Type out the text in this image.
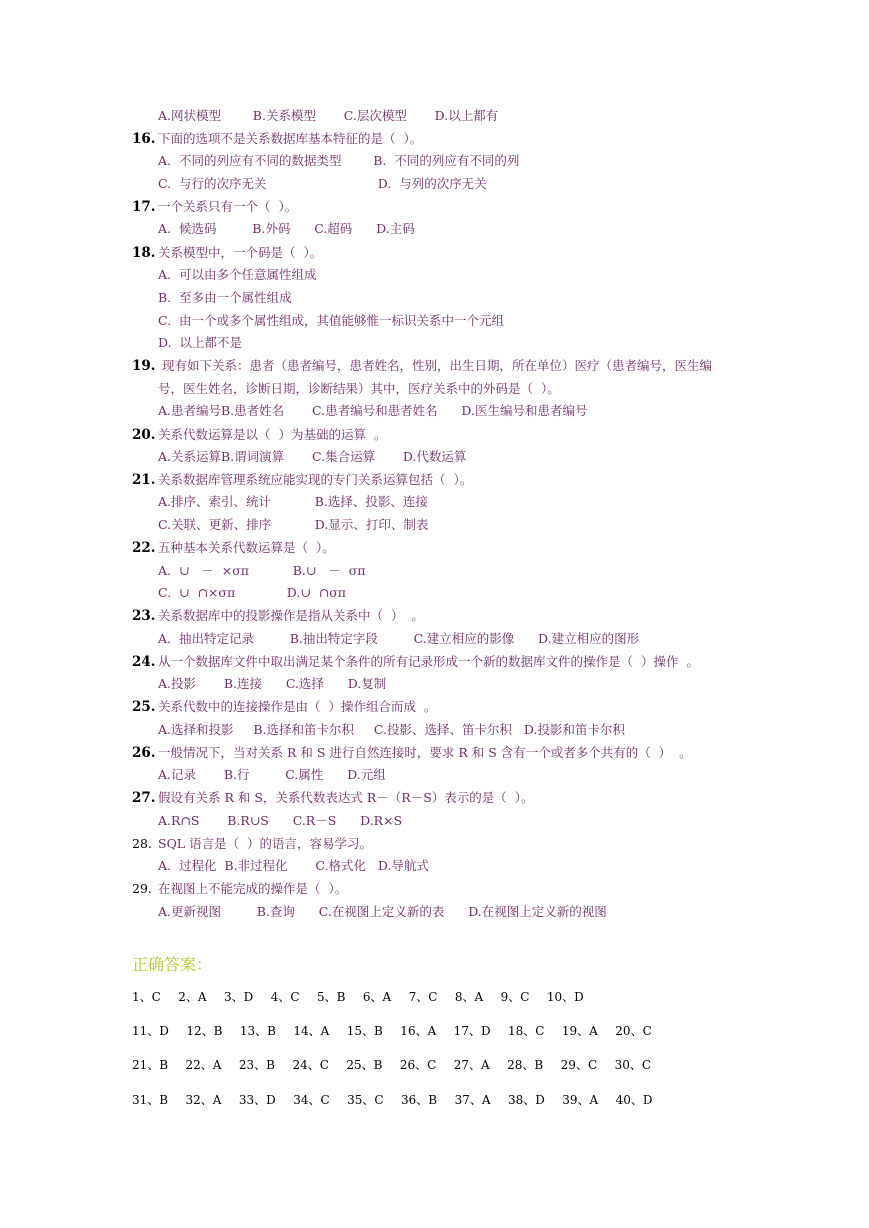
A.网状模型        B.关系模型       C.层次模型       D.以上都有
16. 下面的选项不是关系数据库基本特征的是（  ）。
A.  不同的列应有不同的数据类型        B.  不同的列应有不同的列
C.  与行的次序无关                            D.  与列的次序无关
17. 一个关系只有一个（  ）。
A.  候选码         B.外码      C.超码      D.主码
18. 关系模型中，一个码是（  ）。
A.  可以由多个任意属性组成
B.  至多由一个属性组成
C.  由一个或多个属性组成，其值能够惟一标识关系中一个元组
D.  以上都不是
19. 现有如下关系：患者（患者编号，患者姓名，性别，出生日期，所在单位）医疗（患者编号，医生编
号，医生姓名，诊断日期，诊断结果）其中，医疗关系中的外码是（  ）。
A.患者编号B.患者姓名       C.患者编号和患者姓名      D.医生编号和患者编号
20. 关系代数运算是以（  ）为基础的运算  。
A.关系运算B.谓词演算       C.集合运算       D.代数运算
21. 关系数据库管理系统应能实现的专门关系运算包括（  ）。
A.排序、索引、统计           B.选择、投影、连接
C.关联、更新、排序           D.显示、打印、制表
22. 五种基本关系代数运算是（  ）。
A.  ∪   －  ×σπ           B.∪   －  σπ
C.  ∪  ∩×σπ             D.∪  ∩σπ
23. 关系数据库中的投影操作是指从关系中（  ）  。
A.  抽出特定记录         B.抽出特定字段         C.建立相应的影像      D.建立相应的图形
24. 从一个数据库文件中取出满足某个条件的所有记录形成一个新的数据库文件的操作是（  ）操作  。
A.投影       B.连接      C.选择      D.复制
25. 关系代数中的连接操作是由（  ）操作组合而成  。
A.选择和投影     B.选择和笛卡尔积     C.投影、选择、笛卡尔积   D.投影和笛卡尔积
26. 一般情况下，当对关系 R 和 S 进行自然连接时，要求 R 和 S 含有一个或者多个共有的（  ）  。
A.记录       B.行         C.属性      D.元组
27. 假设有关系 R 和 S，关系代数表达式 R－（R－S）表示的是（  ）。
A.R∩S       B.R∪S      C.R－S      D.R×S
28. SQL 语言是（  ）的语言，容易学习。
A.  过程化  B.非过程化       C.格式化   D.导航式
29. 在视图上不能完成的操作是（  ）。
A.更新视图         B.查询      C.在视图上定义新的表      D.在视图上定义新的视图
正确答案：
1、C   2、A   3、D   4、C   5、B   6、A   7、C   8、A   9、C   10、D
11、D   12、B   13、B   14、A   15、B   16、A   17、D   18、C   19、A   20、C
21、B   22、A   23、B   24、C   25、B   26、C   27、A   28、B   29、C   30、C
31、B   32、A   33、D   34、C   35、C   36、B   37、A   38、D   39、A   40、D
